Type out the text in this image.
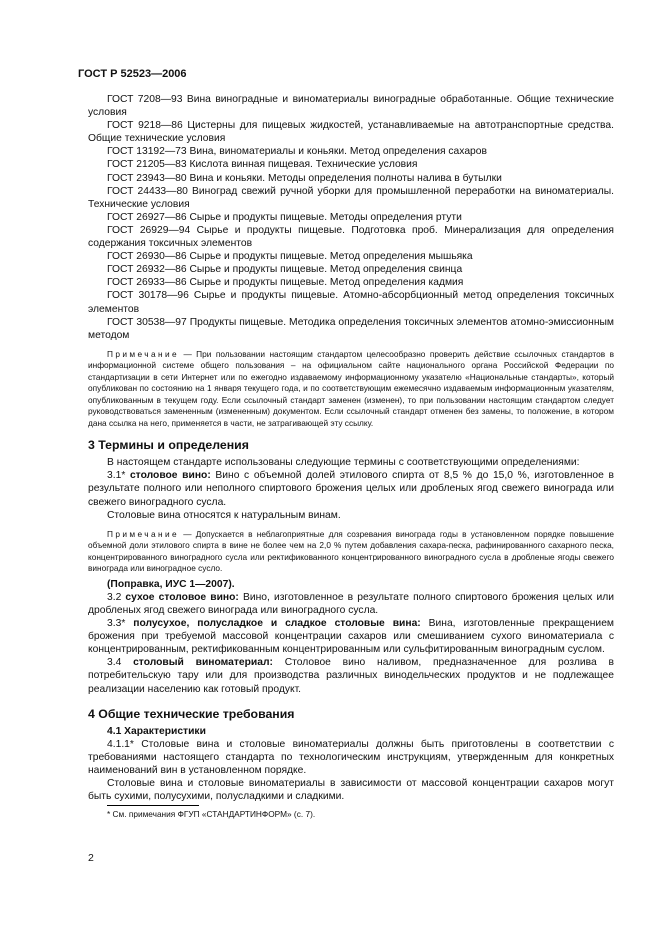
ГОСТ Р 52523—2006

ГОСТ 7208—93 Вина виноградные и виноматериалы виноградные обработанные. Общие технические условия

ГОСТ 9218—86 Цистерны для пищевых жидкостей, устанавливаемые на автотранспортные средства. Общие технические условия

ГОСТ 13192—73 Вина, виноматериалы и коньяки. Метод определения сахаров

ГОСТ 21205—83 Кислота винная пищевая. Технические условия

ГОСТ 23943—80 Вина и коньяки. Методы определения полноты налива в бутылки

ГОСТ 24433—80 Виноград свежий ручной уборки для промышленной переработки на виноматериалы. Технические условия

ГОСТ 26927—86 Сырье и продукты пищевые. Методы определения ртути

ГОСТ 26929—94 Сырье и продукты пищевые. Подготовка проб. Минерализация для определения содержания токсичных элементов

ГОСТ 26930—86 Сырье и продукты пищевые. Метод определения мышьяка

ГОСТ 26932—86 Сырье и продукты пищевые. Метод определения свинца

ГОСТ 26933—86 Сырье и продукты пищевые. Метод определения кадмия

ГОСТ 30178—96 Сырье и продукты пищевые. Атомно-абсорбционный метод определения токсичных элементов

ГОСТ 30538—97 Продукты пищевые. Методика определения токсичных элементов атомно-эмиссионным методом

Примечание — При пользовании настоящим стандартом целесообразно проверить действие ссылочных стандартов в информационной системе общего пользования – на официальном сайте национального органа Российской Федерации по стандартизации в сети Интернет или по ежегодно издаваемому информационному указателю «Национальные стандарты», который опубликован по состоянию на 1 января текущего года, и по соответствующим ежемесячно издаваемым информационным указателям, опубликованным в текущем году. Если ссылочный стандарт заменен (изменен), то при пользовании настоящим стандартом следует руководствоваться замененным (измененным) документом. Если ссылочный стандарт отменен без замены, то положение, в котором дана ссылка на него, применяется в части, не затрагивающей эту ссылку.

3 Термины и определения

В настоящем стандарте использованы следующие термины с соответствующими определениями:

3.1* столовое вино: Вино с объемной долей этилового спирта от 8,5 % до 15,0 %, изготовленное в результате полного или неполного спиртового брожения целых или дробленых ягод свежего винограда или свежего виноградного сусла.

Столовые вина относятся к натуральным винам.

Примечание — Допускается в неблагоприятные для созревания винограда годы в установленном порядке повышение объемной доли этилового спирта в вине не более чем на 2,0 % путем добавления сахара-песка, рафинированного сахарного песка, концентрированного виноградного сусла или ректификованного концентрированного виноградного сусла в дробленые ягоды свежего винограда или виноградное сусло.

(Поправка, ИУС 1—2007).

3.2 сухое столовое вино: Вино, изготовленное в результате полного спиртового брожения целых или дробленых ягод свежего винограда или виноградного сусла.

3.3* полусухое, полусладкое и сладкое столовые вина: Вина, изготовленные прекращением брожения при требуемой массовой концентрации сахаров или смешиванием сухого виноматериала с концентрированным, ректификованным концентрированным или сульфитированным виноградным суслом.

3.4 столовый виноматериал: Столовое вино наливом, предназначенное для розлива в потребительскую тару или для производства различных винодельческих продуктов и не подлежащее реализации населению как готовый продукт.

4 Общие технические требования

4.1 Характеристики

4.1.1* Столовые вина и столовые виноматериалы должны быть приготовлены в соответствии с требованиями настоящего стандарта по технологическим инструкциям, утвержденным для конкретных наименований вин в установленном порядке.

Столовые вина и столовые виноматериалы в зависимости от массовой концентрации сахаров могут быть сухими, полусухими, полусладкими и сладкими.

* См. примечания ФГУП «СТАНДАРТИНФОРМ» (с. 7).
2
